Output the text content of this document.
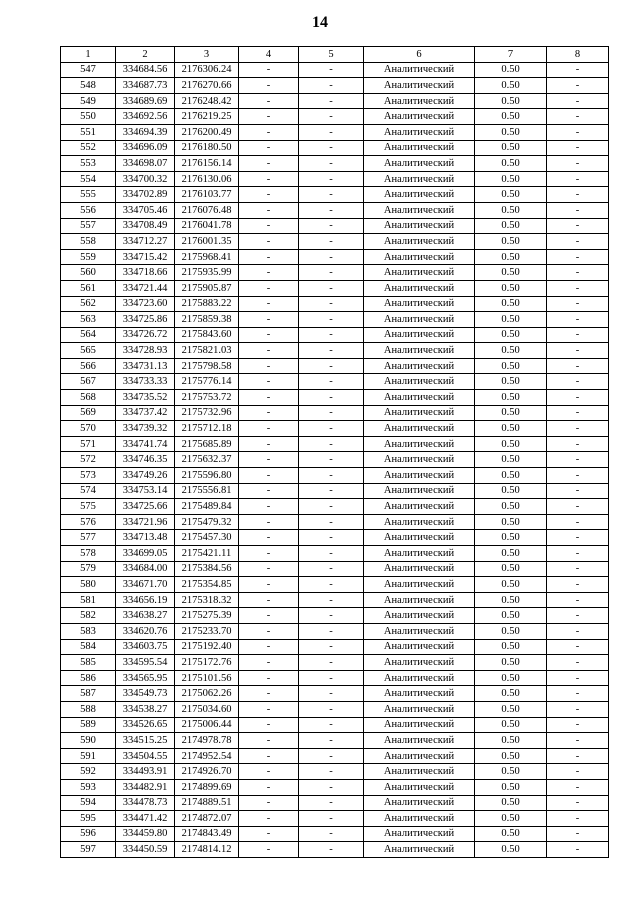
14
1	2	3	4	5	6	7	8
547	334684.56	2176306.24	-	-	Аналитический	0.50	-
548	334687.73	2176270.66	-	-	Аналитический	0.50	-
549	334689.69	2176248.42	-	-	Аналитический	0.50	-
550	334692.56	2176219.25	-	-	Аналитический	0.50	-
551	334694.39	2176200.49	-	-	Аналитический	0.50	-
552	334696.09	2176180.50	-	-	Аналитический	0.50	-
553	334698.07	2176156.14	-	-	Аналитический	0.50	-
554	334700.32	2176130.06	-	-	Аналитический	0.50	-
555	334702.89	2176103.77	-	-	Аналитический	0.50	-
556	334705.46	2176076.48	-	-	Аналитический	0.50	-
557	334708.49	2176041.78	-	-	Аналитический	0.50	-
558	334712.27	2176001.35	-	-	Аналитический	0.50	-
559	334715.42	2175968.41	-	-	Аналитический	0.50	-
560	334718.66	2175935.99	-	-	Аналитический	0.50	-
561	334721.44	2175905.87	-	-	Аналитический	0.50	-
562	334723.60	2175883.22	-	-	Аналитический	0.50	-
563	334725.86	2175859.38	-	-	Аналитический	0.50	-
564	334726.72	2175843.60	-	-	Аналитический	0.50	-
565	334728.93	2175821.03	-	-	Аналитический	0.50	-
566	334731.13	2175798.58	-	-	Аналитический	0.50	-
567	334733.33	2175776.14	-	-	Аналитический	0.50	-
568	334735.52	2175753.72	-	-	Аналитический	0.50	-
569	334737.42	2175732.96	-	-	Аналитический	0.50	-
570	334739.32	2175712.18	-	-	Аналитический	0.50	-
571	334741.74	2175685.89	-	-	Аналитический	0.50	-
572	334746.35	2175632.37	-	-	Аналитический	0.50	-
573	334749.26	2175596.80	-	-	Аналитический	0.50	-
574	334753.14	2175556.81	-	-	Аналитический	0.50	-
575	334725.66	2175489.84	-	-	Аналитический	0.50	-
576	334721.96	2175479.32	-	-	Аналитический	0.50	-
577	334713.48	2175457.30	-	-	Аналитический	0.50	-
578	334699.05	2175421.11	-	-	Аналитический	0.50	-
579	334684.00	2175384.56	-	-	Аналитический	0.50	-
580	334671.70	2175354.85	-	-	Аналитический	0.50	-
581	334656.19	2175318.32	-	-	Аналитический	0.50	-
582	334638.27	2175275.39	-	-	Аналитический	0.50	-
583	334620.76	2175233.70	-	-	Аналитический	0.50	-
584	334603.75	2175192.40	-	-	Аналитический	0.50	-
585	334595.54	2175172.76	-	-	Аналитический	0.50	-
586	334565.95	2175101.56	-	-	Аналитический	0.50	-
587	334549.73	2175062.26	-	-	Аналитический	0.50	-
588	334538.27	2175034.60	-	-	Аналитический	0.50	-
589	334526.65	2175006.44	-	-	Аналитический	0.50	-
590	334515.25	2174978.78	-	-	Аналитический	0.50	-
591	334504.55	2174952.54	-	-	Аналитический	0.50	-
592	334493.91	2174926.70	-	-	Аналитический	0.50	-
593	334482.91	2174899.69	-	-	Аналитический	0.50	-
594	334478.73	2174889.51	-	-	Аналитический	0.50	-
595	334471.42	2174872.07	-	-	Аналитический	0.50	-
596	334459.80	2174843.49	-	-	Аналитический	0.50	-
597	334450.59	2174814.12	-	-	Аналитический	0.50	-
